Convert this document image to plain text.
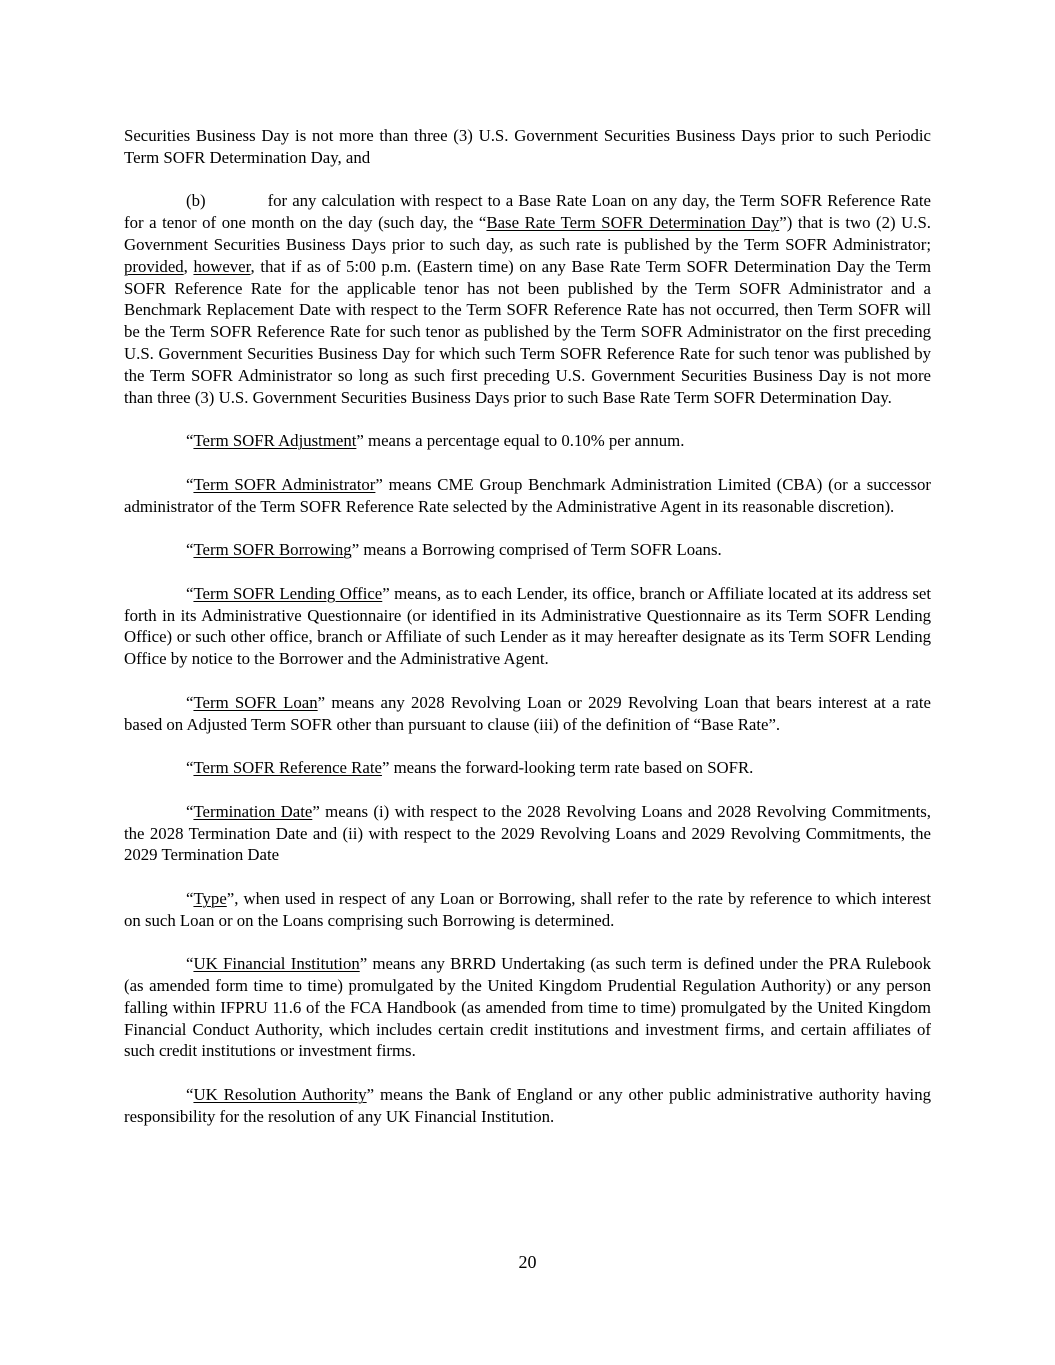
Securities Business Day is not more than three (3) U.S. Government Securities Business Days prior to such Periodic Term SOFR Determination Day, and

(b)	for any calculation with respect to a Base Rate Loan on any day, the Term SOFR Reference Rate for a tenor of one month on the day (such day, the “Base Rate Term SOFR Determination Day”) that is two (2) U.S. Government Securities Business Days prior to such day, as such rate is published by the Term SOFR Administrator; provided, however, that if as of 5:00 p.m. (Eastern time) on any Base Rate Term SOFR Determination Day the Term SOFR Reference Rate for the applicable tenor has not been published by the Term SOFR Administrator and a Benchmark Replacement Date with respect to the Term SOFR Reference Rate has not occurred, then Term SOFR will be the Term SOFR Reference Rate for such tenor as published by the Term SOFR Administrator on the first preceding U.S. Government Securities Business Day for which such Term SOFR Reference Rate for such tenor was published by the Term SOFR Administrator so long as such first preceding U.S. Government Securities Business Day is not more than three (3) U.S. Government Securities Business Days prior to such Base Rate Term SOFR Determination Day.

“Term SOFR Adjustment” means a percentage equal to 0.10% per annum.

“Term SOFR Administrator” means CME Group Benchmark Administration Limited (CBA) (or a successor administrator of the Term SOFR Reference Rate selected by the Administrative Agent in its reasonable discretion).

“Term SOFR Borrowing” means a Borrowing comprised of Term SOFR Loans.

“Term SOFR Lending Office” means, as to each Lender, its office, branch or Affiliate located at its address set forth in its Administrative Questionnaire (or identified in its Administrative Questionnaire as its Term SOFR Lending Office) or such other office, branch or Affiliate of such Lender as it may hereafter designate as its Term SOFR Lending Office by notice to the Borrower and the Administrative Agent.

“Term SOFR Loan” means any 2028 Revolving Loan or 2029 Revolving Loan that bears interest at a rate based on Adjusted Term SOFR other than pursuant to clause (iii) of the definition of “Base Rate”.

“Term SOFR Reference Rate” means the forward-looking term rate based on SOFR.

“Termination Date” means (i) with respect to the 2028 Revolving Loans and 2028 Revolving Commitments, the 2028 Termination Date and (ii) with respect to the 2029 Revolving Loans and 2029 Revolving Commitments, the 2029 Termination Date

“Type”, when used in respect of any Loan or Borrowing, shall refer to the rate by reference to which interest on such Loan or on the Loans comprising such Borrowing is determined.

“UK Financial Institution” means any BRRD Undertaking (as such term is defined under the PRA Rulebook (as amended form time to time) promulgated by the United Kingdom Prudential Regulation Authority) or any person falling within IFPRU 11.6 of the FCA Handbook (as amended from time to time) promulgated by the United Kingdom Financial Conduct Authority, which includes certain credit institutions and investment firms, and certain affiliates of such credit institutions or investment firms.

“UK Resolution Authority” means the Bank of England or any other public administrative authority having responsibility for the resolution of any UK Financial Institution.

20
